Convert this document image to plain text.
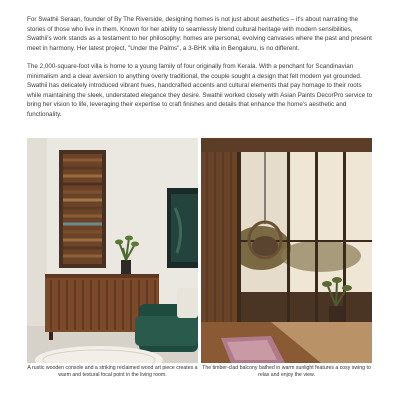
For Swathii Seraan, founder of By The Riverside, designing homes is not just about aesthetics – it's about narrating the stories of those who live in them. Known for her ability to seamlessly blend cultural heritage with modern sensibilities, Swathii's work stands as a testament to her philosophy: homes are personal, evolving canvases where the past and present meet in harmony. Her latest project, "Under the Palms", a 3-BHK villa in Bengaluru, is no different.

The 2,000-square-foot villa is home to a young family of four originally from Kerala. With a penchant for Scandinavian minimalism and a clear aversion to anything overly traditional, the couple sought a design that felt modern yet grounded. Swathii has delicately introduced vibrant hues, handcrafted accents and cultural elements that pay homage to their roots while maintaining the sleek, understated elegance they desire. Swathii worked closely with Asian Paints DecorPro service to bring her vision to life, leveraging their expertise to craft finishes and details that enhance the home's aesthetic and functionality.

A rustic wooden console and a striking reclaimed wood art piece creates a warm and textural focal point in the living room.

The timber-clad balcony bathed in warm sunlight features a cosy swing to relax and enjoy the view.
